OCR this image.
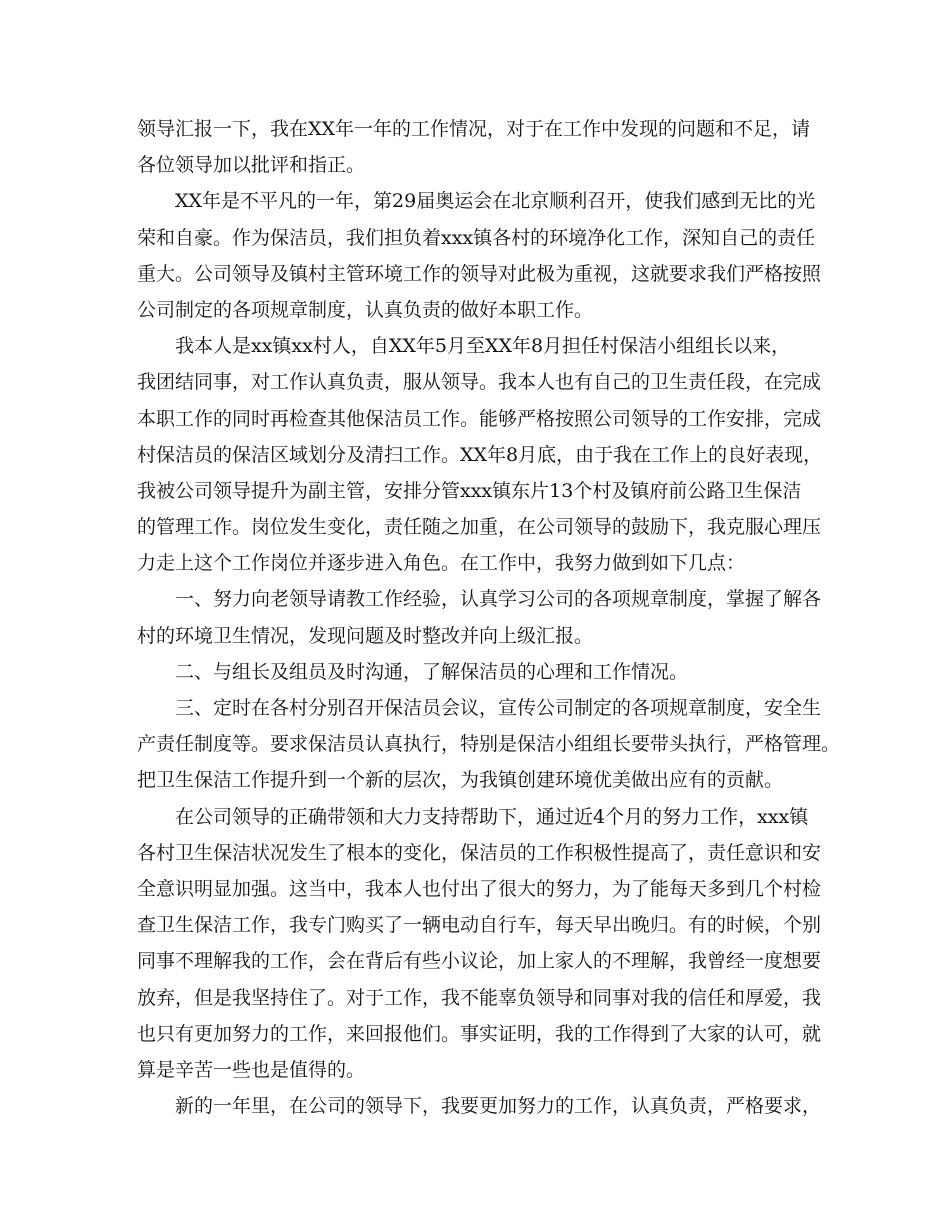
领导汇报一下，我在XX年一年的工作情况，对于在工作中发现的问题和不足，请
各位领导加以批评和指正。
XX年是不平凡的一年，第29届奥运会在北京顺利召开，使我们感到无比的光
荣和自豪。作为保洁员，我们担负着xxx镇各村的环境净化工作，深知自己的责任
重大。公司领导及镇村主管环境工作的领导对此极为重视，这就要求我们严格按照
公司制定的各项规章制度，认真负责的做好本职工作。
我本人是xx镇xx村人，自XX年5月至XX年8月担任村保洁小组组长以来，
我团结同事，对工作认真负责，服从领导。我本人也有自己的卫生责任段，在完成
本职工作的同时再检查其他保洁员工作。能够严格按照公司领导的工作安排，完成
村保洁员的保洁区域划分及清扫工作。XX年8月底，由于我在工作上的良好表现，
我被公司领导提升为副主管，安排分管xxx镇东片13个村及镇府前公路卫生保洁
的管理工作。岗位发生变化，责任随之加重，在公司领导的鼓励下，我克服心理压
力走上这个工作岗位并逐步进入角色。在工作中，我努力做到如下几点：
一、努力向老领导请教工作经验，认真学习公司的各项规章制度，掌握了解各
村的环境卫生情况，发现问题及时整改并向上级汇报。
二、与组长及组员及时沟通，了解保洁员的心理和工作情况。
三、定时在各村分别召开保洁员会议，宣传公司制定的各项规章制度，安全生
产责任制度等。要求保洁员认真执行，特别是保洁小组组长要带头执行，严格管理。
把卫生保洁工作提升到一个新的层次，为我镇创建环境优美做出应有的贡献。
在公司领导的正确带领和大力支持帮助下，通过近4个月的努力工作，xxx镇
各村卫生保洁状况发生了根本的变化，保洁员的工作积极性提高了，责任意识和安
全意识明显加强。这当中，我本人也付出了很大的努力，为了能每天多到几个村检
查卫生保洁工作，我专门购买了一辆电动自行车，每天早出晚归。有的时候，个别
同事不理解我的工作，会在背后有些小议论，加上家人的不理解，我曾经一度想要
放弃，但是我坚持住了。对于工作，我不能辜负领导和同事对我的信任和厚爱，我
也只有更加努力的工作，来回报他们。事实证明，我的工作得到了大家的认可，就
算是辛苦一些也是值得的。
新的一年里，在公司的领导下，我要更加努力的工作，认真负责，严格要求，
